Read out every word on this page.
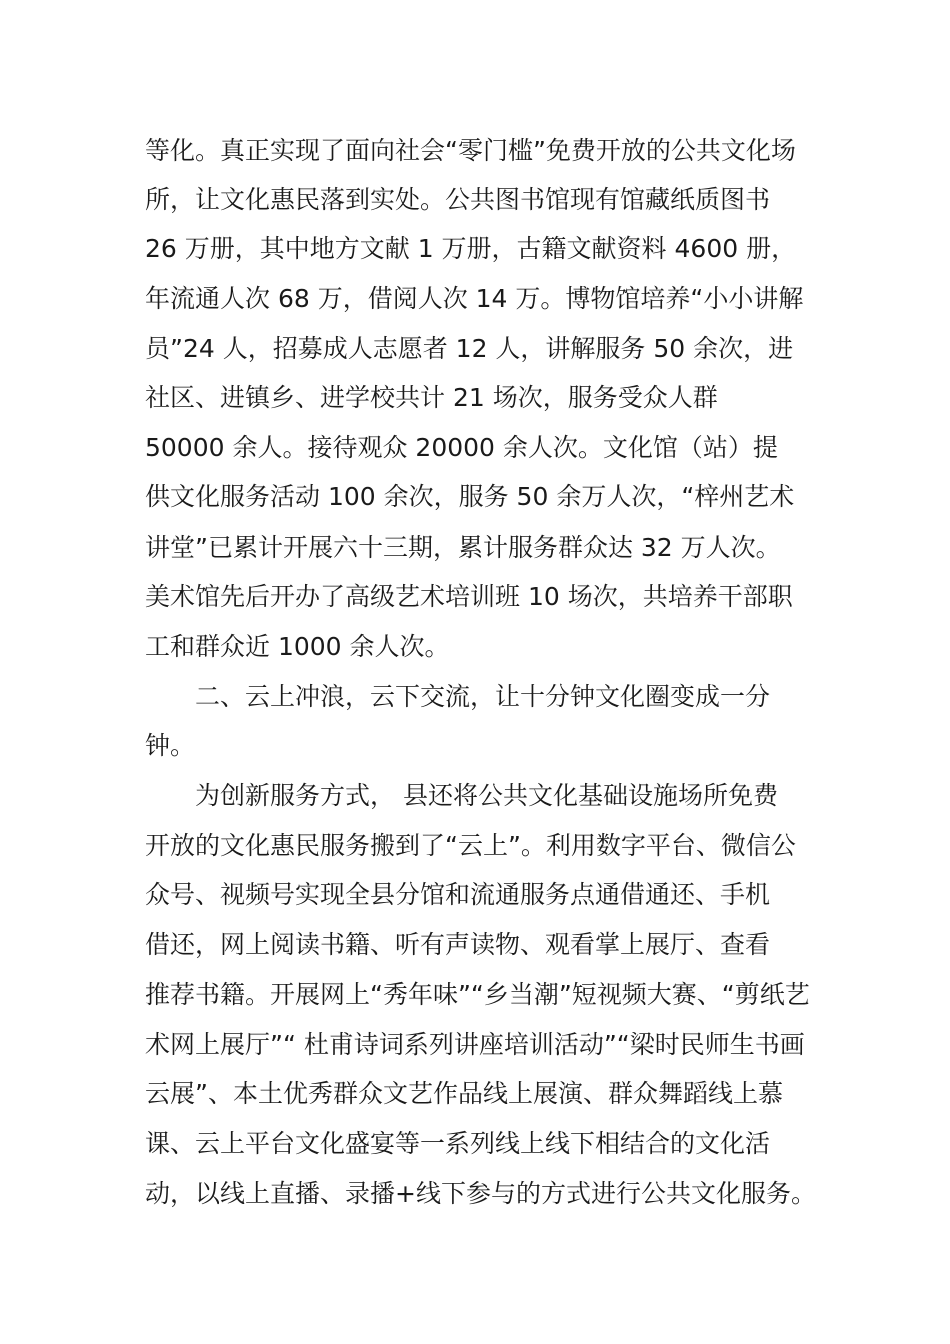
等化。真正实现了面向社会“零门槛”免费开放的公共文化场
所，让文化惠民落到实处。公共图书馆现有馆藏纸质图书
26 万册，其中地方文献 1 万册，古籍文献资料 4600 册，
年流通人次 68 万，借阅人次 14 万。博物馆培养“小小讲解
员”24 人，招募成人志愿者 12 人，讲解服务 50 余次，进
社区、进镇乡、进学校共计 21 场次，服务受众人群
50000 余人。接待观众 20000 余人次。文化馆（站）提
供文化服务活动 100 余次，服务 50 余万人次，“梓州艺术
讲堂”已累计开展六十三期，累计服务群众达 32 万人次。
美术馆先后开办了高级艺术培训班 10 场次，共培养干部职
工和群众近 1000 余人次。
二、云上冲浪，云下交流，让十分钟文化圈变成一分
钟。
为创新服务方式， 县还将公共文化基础设施场所免费
开放的文化惠民服务搬到了“云上”。利用数字平台、微信公
众号、视频号实现全县分馆和流通服务点通借通还、手机
借还，网上阅读书籍、听有声读物、观看掌上展厅、查看
推荐书籍。开展网上“秀年味”“乡当潮”短视频大赛、“剪纸艺
术网上展厅”“ 杜甫诗词系列讲座培训活动”“梁时民师生书画
云展”、本土优秀群众文艺作品线上展演、群众舞蹈线上慕
课、云上平台文化盛宴等一系列线上线下相结合的文化活
动，以线上直播、录播+线下参与的方式进行公共文化服务。
